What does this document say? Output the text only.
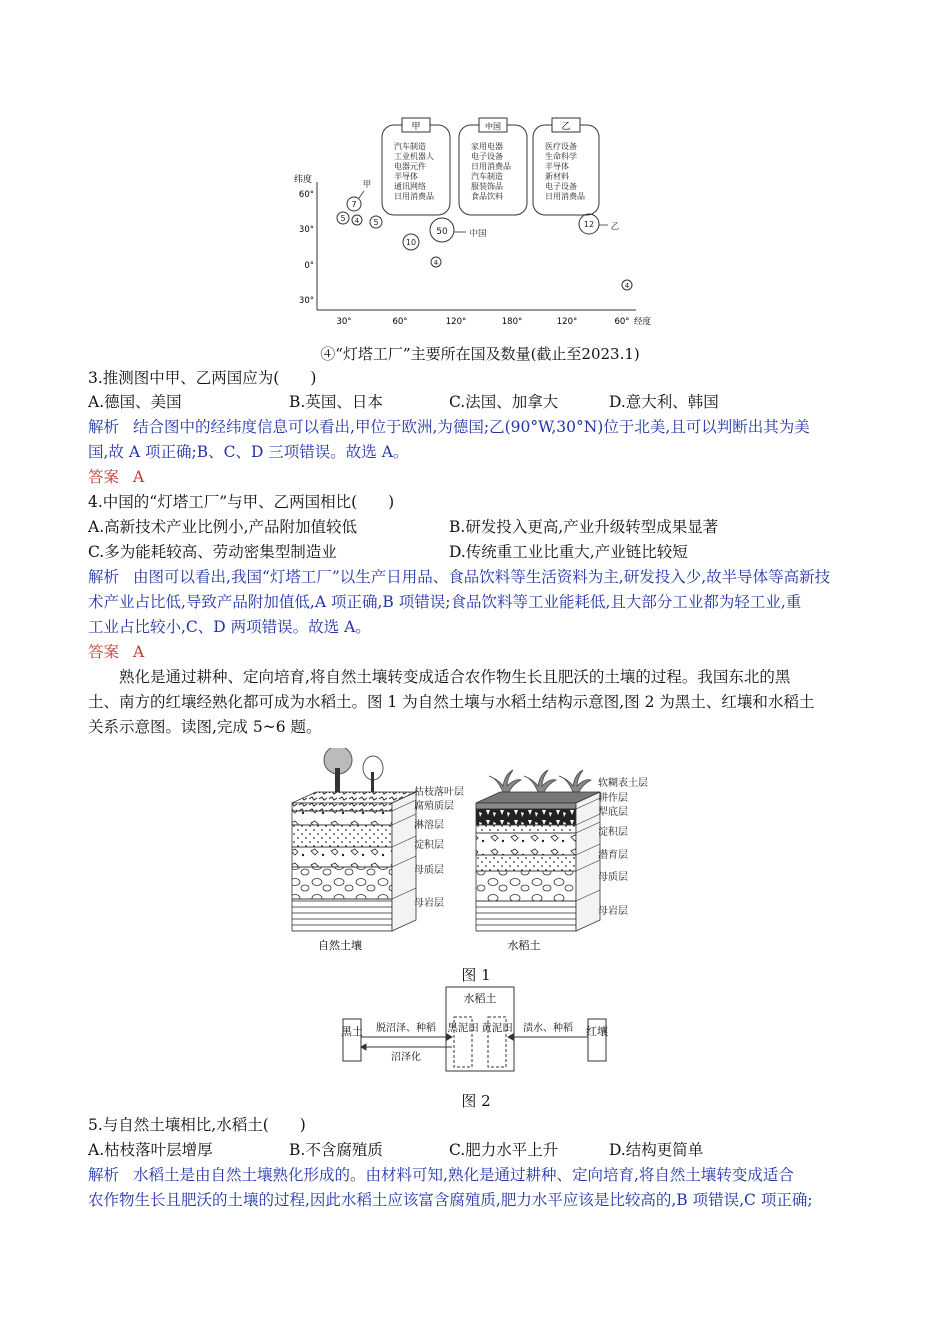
甲
汽车制造
工业机器人
电器元件
半导体
通讯网络
日用消费品
中国
家用电器
电子设备
日用消费品
汽车制造
服装饰品
食品饮料
乙
医疗设备
生命科学
半导体
新材料
电子设备
日用消费品
纬度
60°
30°
0°
30°
30°	60°	120°	180°	120°	60° 经度
7
甲
5 4 5
10
50	中国
4
12 乙
4
④“灯塔工厂”主要所在国及数量(截止至2023.1)
3.推测图中甲、乙两国应为(　　)
A.德国、美国	B.英国、日本	C.法国、加拿大	D.意大利、韩国
解析 结合图中的经纬度信息可以看出,甲位于欧洲,为德国;乙(90°W,30°N)位于北美,且可以判断出其为美
国,故 A 项正确;B、C、D 三项错误。故选 A。
答案 A
4.中国的“灯塔工厂”与甲、乙两国相比(　　)
A.高新技术产业比例小,产品附加值较低	B.研发投入更高,产业升级转型成果显著
C.多为能耗较高、劳动密集型制造业	D.传统重工业比重大,产业链比较短
解析 由图可以看出,我国“灯塔工厂”以生产日用品、食品饮料等生活资料为主,研发投入少,故半导体等高新技
术产业占比低,导致产品附加值低,A 项正确,B 项错误;食品饮料等工业能耗低,且大部分工业都为轻工业,重
工业占比较小,C、D 两项错误。故选 A。
答案 A
熟化是通过耕种、定向培育,将自然土壤转变成适合农作物生长且肥沃的土壤的过程。我国东北的黑
土、南方的红壤经熟化都可成为水稻土。图 1 为自然土壤与水稻土结构示意图,图 2 为黑土、红壤和水稻土
关系示意图。读图,完成 5~6 题。
枯枝落叶层
腐殖质层
淋溶层
淀积层
母质层
母岩层
自然土壤
软糊表土层
耕作层
犁底层
淀积层
潜育层
母质层
母岩层
水稻土
图 1
水稻土
黑土	黑泥田 黄泥田	红壤
脱沼泽、种稻
沼泽化
渍水、种稻
图 2
5.与自然土壤相比,水稻土(　　)
A.枯枝落叶层增厚	B.不含腐殖质	C.肥力水平上升	D.结构更简单
解析 水稻土是由自然土壤熟化形成的。由材料可知,熟化是通过耕种、定向培育,将自然土壤转变成适合
农作物生长且肥沃的土壤的过程,因此水稻土应该富含腐殖质,肥力水平应该是比较高的,B 项错误,C 项正确;
